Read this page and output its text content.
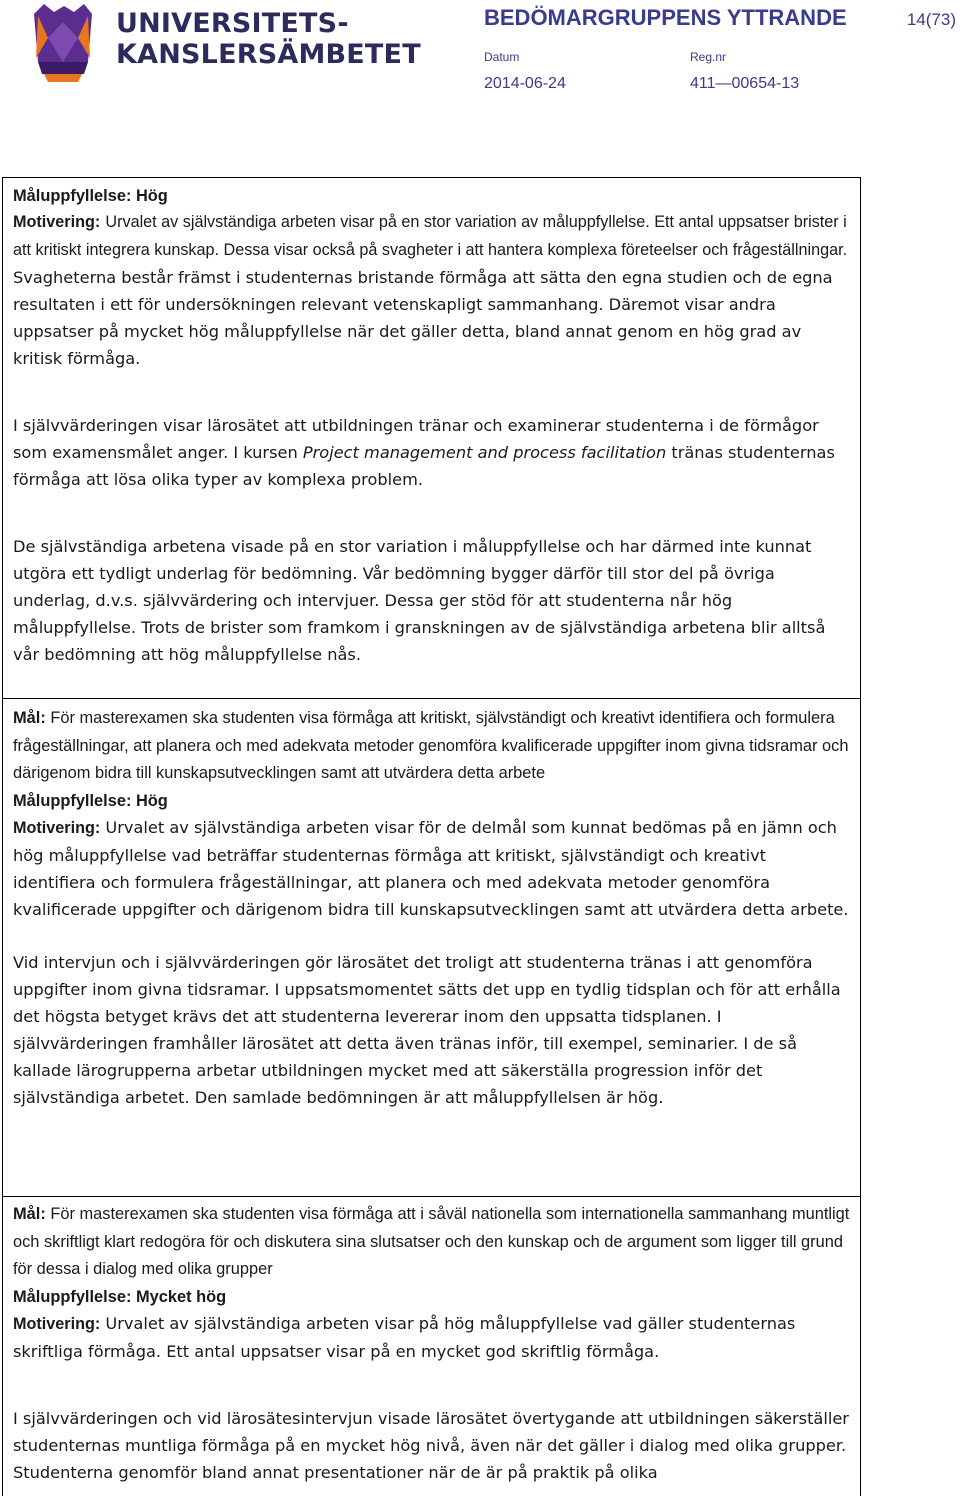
UNIVERSITETS-
KANSLERSÄMBETET
BEDÖMARGRUPPENS YTTRANDE	14(73)
Datum
2014-06-24
Reg.nr
411—00654-13

Måluppfyllelse: Hög

Motivering: Urvalet av självständiga arbeten visar på en stor variation av måluppfyllelse. Ett antal uppsatser brister i att kritiskt integrera kunskap. Dessa visar också på svagheter i att hantera komplexa företeelser och frågeställningar. Svagheterna består främst i studenternas bristande förmåga att sätta den egna studien och de egna resultaten i ett för undersökningen relevant vetenskapligt sammanhang. Däremot visar andra uppsatser på mycket hög måluppfyllelse när det gäller detta, bland annat genom en hög grad av kritisk förmåga.

I självvärderingen visar lärosätet att utbildningen tränar och examinerar studenterna i de förmågor som examensmålet anger. I kursen Project management and process facilitation tränas studenternas förmåga att lösa olika typer av komplexa problem.

De självständiga arbetena visade på en stor variation i måluppfyllelse och har därmed inte kunnat utgöra ett tydligt underlag för bedömning. Vår bedömning bygger därför till stor del på övriga underlag, d.v.s. självvärdering och intervjuer. Dessa ger stöd för att studenterna når hög måluppfyllelse. Trots de brister som framkom i granskningen av de självständiga arbetena blir alltså vår bedömning att hög måluppfyllelse nås.

Mål: För masterexamen ska studenten visa förmåga att kritiskt, självständigt och kreativt identifiera och formulera frågeställningar, att planera och med adekvata metoder genomföra kvalificerade uppgifter inom givna tidsramar och därigenom bidra till kunskapsutvecklingen samt att utvärdera detta arbete

Måluppfyllelse: Hög

Motivering: Urvalet av självständiga arbeten visar för de delmål som kunnat bedömas på en jämn och hög måluppfyllelse vad beträffar studenternas förmåga att kritiskt, självständigt och kreativt identifiera och formulera frågeställningar, att planera och med adekvata metoder genomföra kvalificerade uppgifter och därigenom bidra till kunskapsutvecklingen samt att utvärdera detta arbete.

Vid intervjun och i självvärderingen gör lärosätet det troligt att studenterna tränas i att genomföra uppgifter inom givna tidsramar. I uppsatsmomentet sätts det upp en tydlig tidsplan och för att erhålla det högsta betyget krävs det att studenterna levererar inom den uppsatta tidsplanen. I självvärderingen framhåller lärosätet att detta även tränas inför, till exempel, seminarier. I de så kallade lärogrupperna arbetar utbildningen mycket med att säkerställa progression inför det självständiga arbetet. Den samlade bedömningen är att måluppfyllelsen är hög.

Mål: För masterexamen ska studenten visa förmåga att i såväl nationella som internationella sammanhang muntligt och skriftligt klart redogöra för och diskutera sina slutsatser och den kunskap och de argument som ligger till grund för dessa i dialog med olika grupper

Måluppfyllelse: Mycket hög

Motivering: Urvalet av självständiga arbeten visar på hög måluppfyllelse vad gäller studenternas skriftliga förmåga. Ett antal uppsatser visar på en mycket god skriftlig förmåga.

I självvärderingen och vid lärosätesintervjun visade lärosätet övertygande att utbildningen säkerställer studenternas muntliga förmåga på en mycket hög nivå, även när det gäller i dialog med olika grupper. Studenterna genomför bland annat presentationer när de är på praktik på olika
